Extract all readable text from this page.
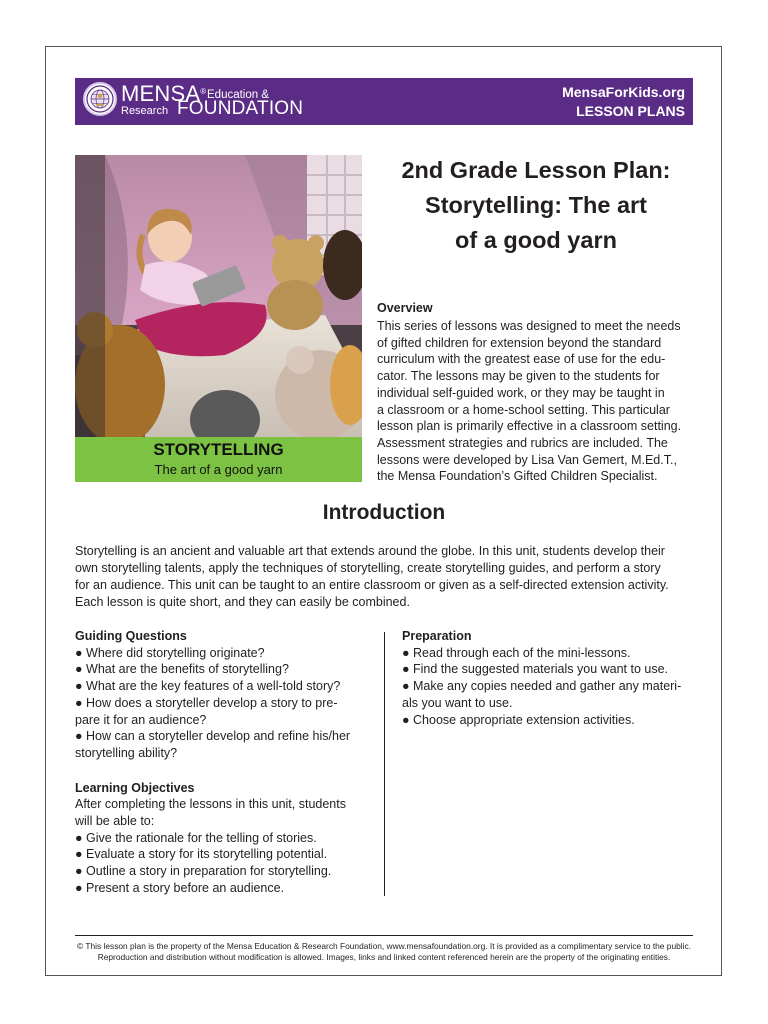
MENSA® Education &
Research FOUNDATION
MensaForKids.org
LESSON PLANS
STORYTELLING
The art of a good yarn
2nd Grade Lesson Plan:
Storytelling: The art
of a good yarn
Overview
This series of lessons was designed to meet the needs
of gifted children for extension beyond the standard
curriculum with the greatest ease of use for the edu-
cator. The lessons may be given to the students for
individual self-guided work, or they may be taught in
a classroom or a home-school setting. This particular
lesson plan is primarily effective in a classroom setting.
Assessment strategies and rubrics are included. The
lessons were developed by Lisa Van Gemert, M.Ed.T.,
the Mensa Foundation’s Gifted Children Specialist.
Introduction
Storytelling is an ancient and valuable art that extends around the globe. In this unit, students develop their
own storytelling talents, apply the techniques of storytelling, create storytelling guides, and perform a story
for an audience. This unit can be taught to an entire classroom or given as a self-directed extension activity.
Each lesson is quite short, and they can easily be combined.
Guiding Questions
● Where did storytelling originate?
● What are the benefits of storytelling?
● What are the key features of a well-told story?
● How does a storyteller develop a story to pre-
pare it for an audience?
● How can a storyteller develop and refine his/her
storytelling ability?
Learning Objectives
After completing the lessons in this unit, students
will be able to:
● Give the rationale for the telling of stories.
● Evaluate a story for its storytelling potential.
● Outline a story in preparation for storytelling.
● Present a story before an audience.
Preparation
● Read through each of the mini-lessons.
● Find the suggested materials you want to use.
● Make any copies needed and gather any materi-
als you want to use.
● Choose appropriate extension activities.
© This lesson plan is the property of the Mensa Education & Research Foundation, www.mensafoundation.org. It is provided as a complimentary service to the public.
Reproduction and distribution without modification is allowed. Images, links and linked content referenced herein are the property of the originating entities.
